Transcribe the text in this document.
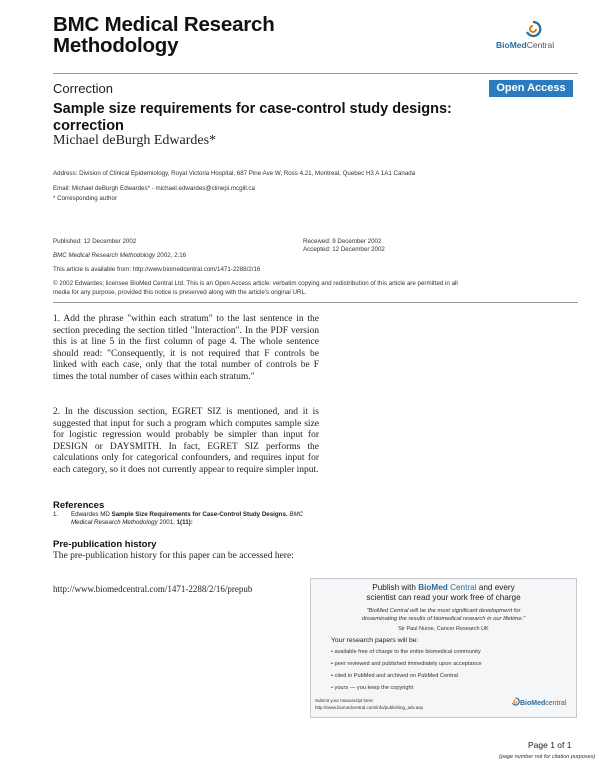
BMC Medical Research
Methodology	BioMedCentral
Correction	Open Access
Sample size requirements for case-control study designs:
correction
Michael deBurgh Edwardes*
Address: Division of Clinical Epidemiology, Royal Victoria Hospital, 687 Pine Ave W, Ross 4.21, Montreal, Quebec H3 A 1A1 Canada
Email: Michael deBurgh Edwardes* - michael.edwardes@clinepi.mcgill.ca
* Corresponding author
Published: 12 December 2002
BMC Medical Research Methodology 2002, 2:16
Received: 9 December 2002
Accepted: 12 December 2002
This article is available from: http://www.biomedcentral.com/1471-2288/2/16
© 2002 Edwardes; licensee BioMed Central Ltd. This is an Open Access article: verbatim copying and redistribution of this article are permitted in all
media for any purpose, provided this notice is preserved along with the article's original URL.
1. Add the phrase "within each stratum" to the last sentence in the section preceding the section titled "Interaction". In the PDF version this is at line 5 in the first column of page 4. The whole sentence should read: "Consequently, it is not required that F controls be linked with each case, only that the total number of controls be F times the total number of cases within each stratum."
2. In the discussion section, EGRET SIZ is mentioned, and it is suggested that input for such a program which computes sample size for logistic regression would probably be simpler than input for DESIGN or DAYSMITH. In fact, EGRET SIZ performs the calculations only for categorical confounders, and requires input for each category, so it does not currently appear to require simpler input.
References
1. Edwardes MD Sample Size Requirements for Case-Control Study Designs. BMC Medical Research Methodology 2001, 1(11):
Pre-publication history
The pre-publication history for this paper can be accessed here:
http://www.biomedcentral.com/1471-2288/2/16/prepub	Publish with BioMed Central and every
scientist can read your work free of charge
"BioMed Central will be the most significant development for
disseminating the results of biomedical research in our lifetime."
Sir Paul Nurse, Cancer Research UK
Your research papers will be:
• available free of charge to the entire biomedical community
• peer reviewed and published immediately upon acceptance
• cited in PubMed and archived on PubMed Central
• yours — you keep the copyright
Submit your manuscript here:
http://www.biomedcentral.com/info/publishing_adv.asp
BioMedcentral
Page 1 of 1
(page number not for citation purposes)
